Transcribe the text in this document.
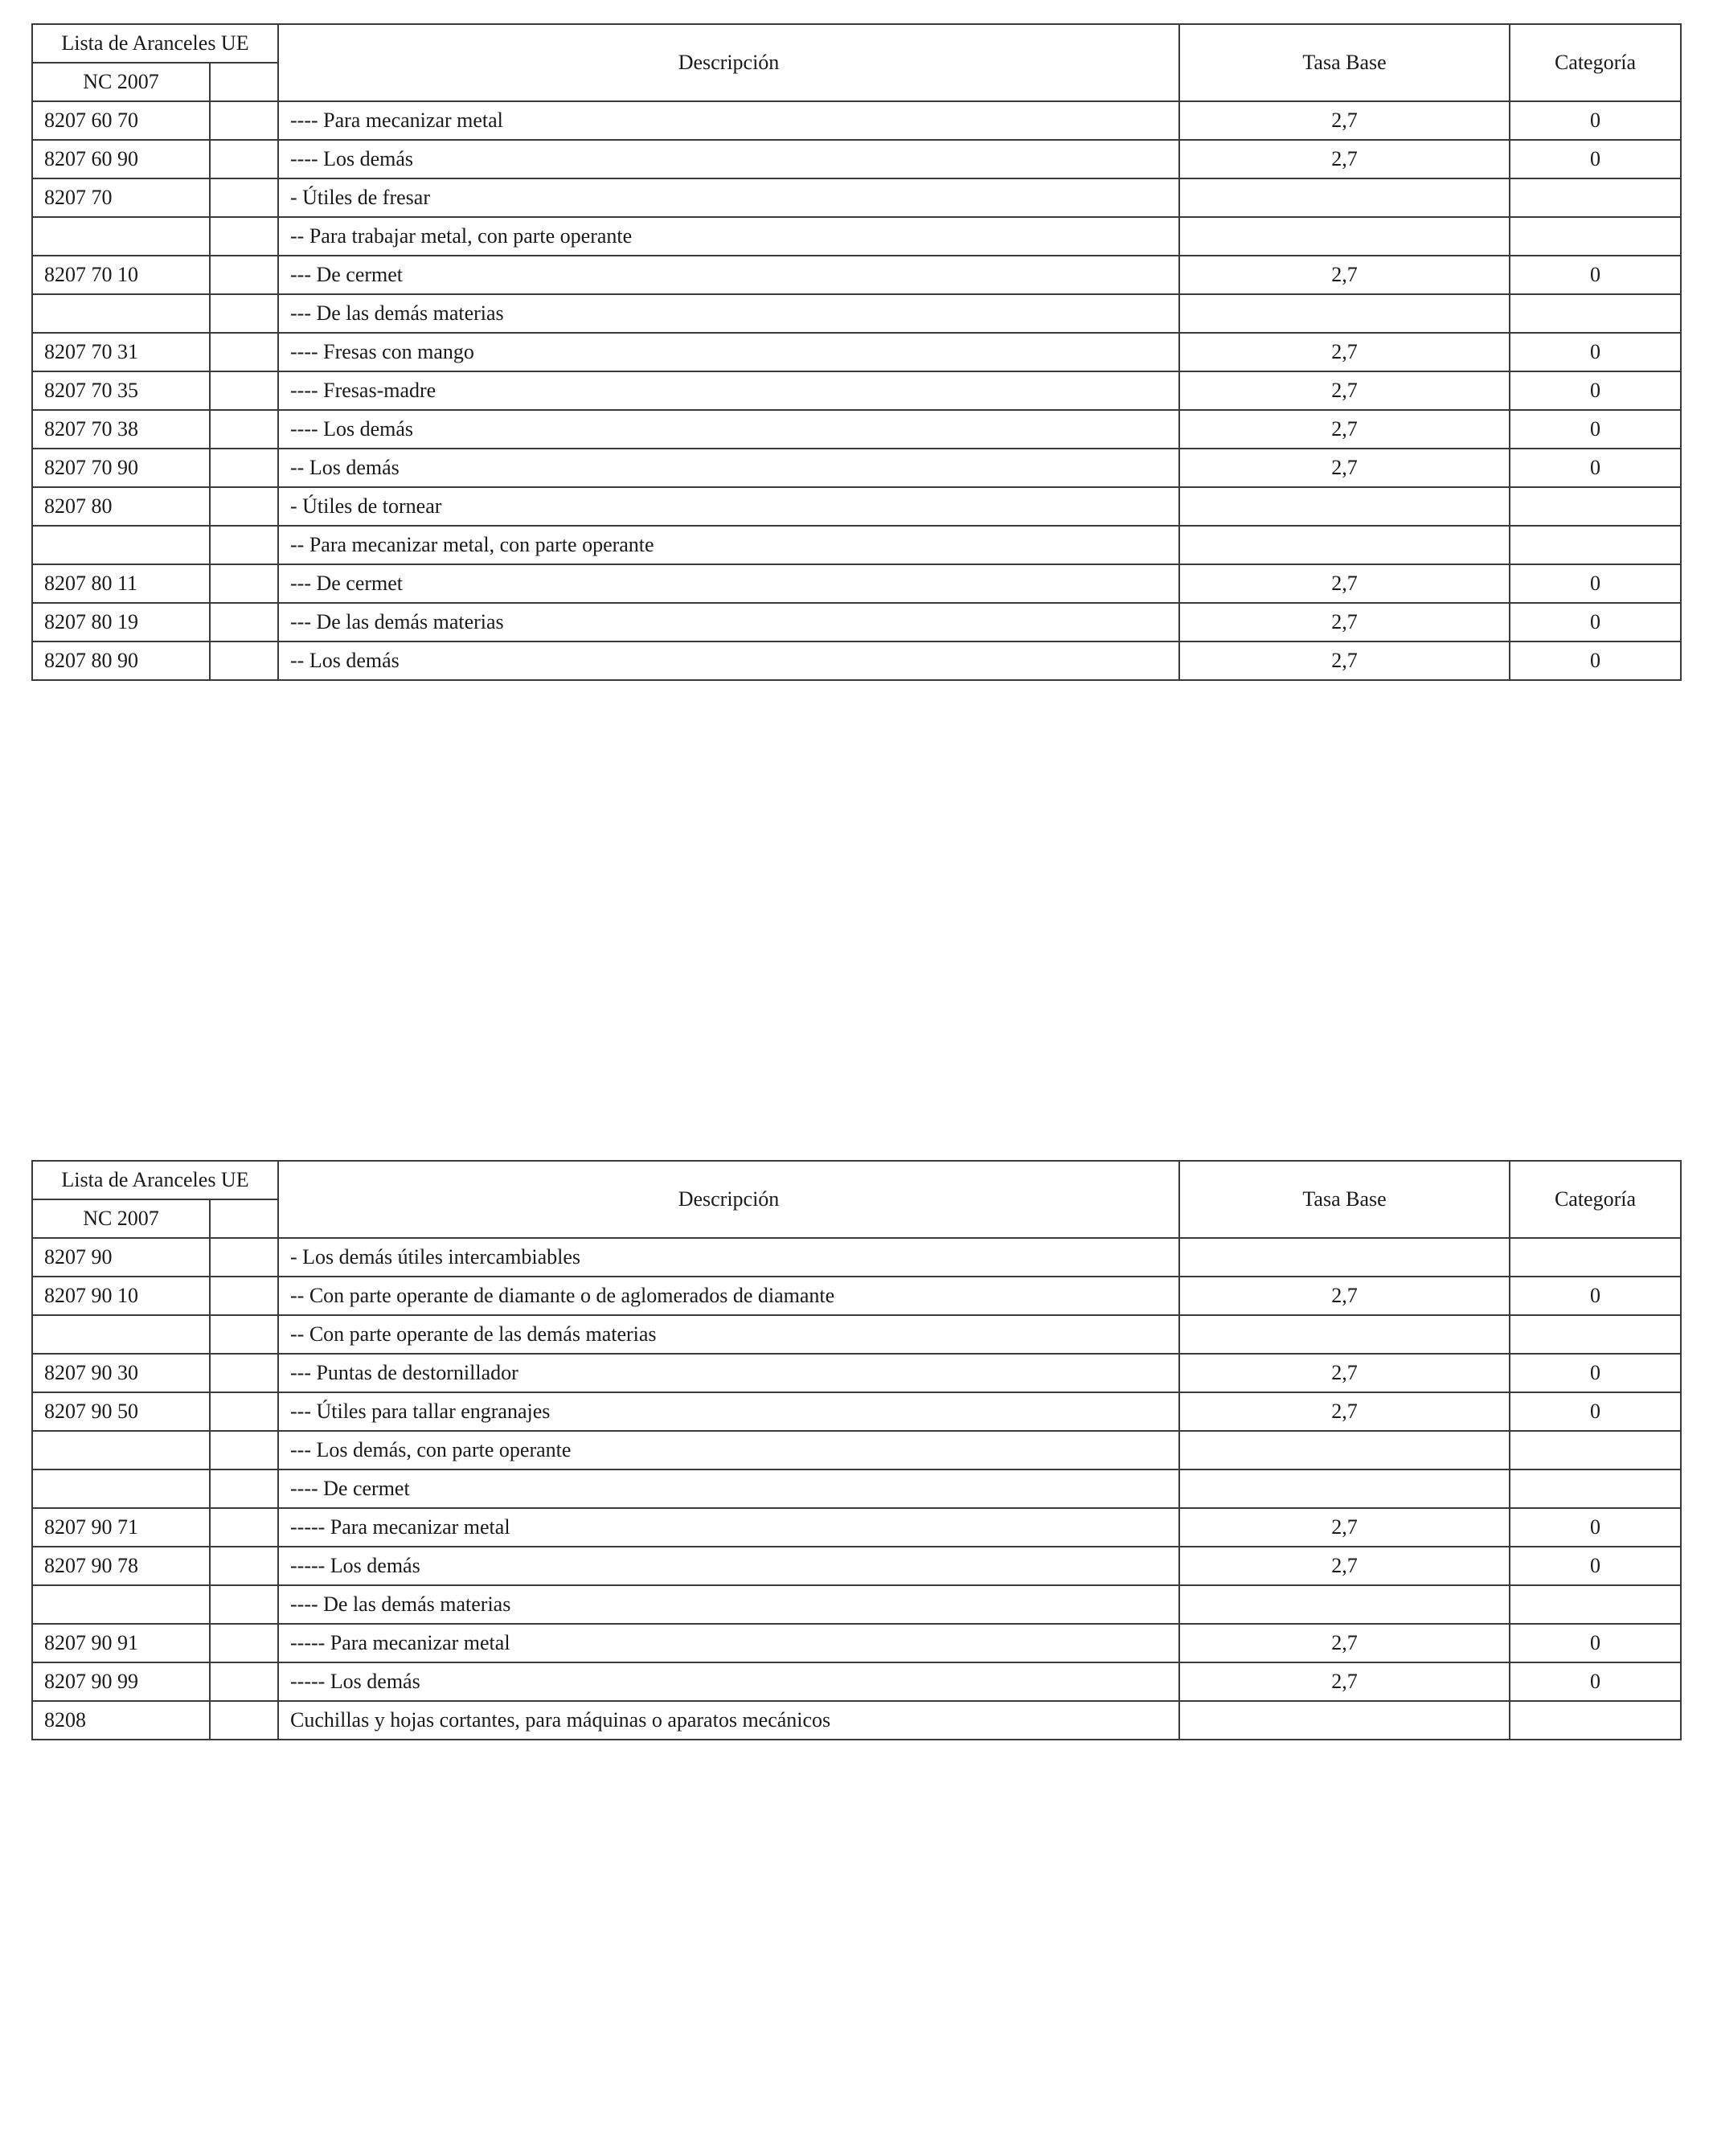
Lista de Aranceles UE		Descripción	Tasa Base	Categoría
NC 2007				
8207 60 70		---- Para mecanizar metal	2,7	0
8207 60 90		---- Los demás	2,7	0
8207 70		- Útiles de fresar		
		-- Para trabajar metal, con parte operante		
8207 70 10		--- De cermet	2,7	0
		--- De las demás materias		
8207 70 31		---- Fresas con mango	2,7	0
8207 70 35		---- Fresas-madre	2,7	0
8207 70 38		---- Los demás	2,7	0
8207 70 90		-- Los demás	2,7	0
8207 80		- Útiles de tornear		
		-- Para mecanizar metal, con parte operante		
8207 80 11		--- De cermet	2,7	0
8207 80 19		--- De las demás materias	2,7	0
8207 80 90		-- Los demás	2,7	0
Lista de Aranceles UE		Descripción	Tasa Base	Categoría
NC 2007				
8207 90		- Los demás útiles intercambiables		
8207 90 10		-- Con parte operante de diamante o de aglomerados de diamante	2,7	0
		-- Con parte operante de las demás materias		
8207 90 30		--- Puntas de destornillador	2,7	0
8207 90 50		--- Útiles para tallar engranajes	2,7	0
		--- Los demás, con parte operante		
		---- De cermet		
8207 90 71		----- Para mecanizar metal	2,7	0
8207 90 78		----- Los demás	2,7	0
		---- De las demás materias		
8207 90 91		----- Para mecanizar metal	2,7	0
8207 90 99		----- Los demás	2,7	0
8208		Cuchillas y hojas cortantes, para máquinas o aparatos mecánicos		
